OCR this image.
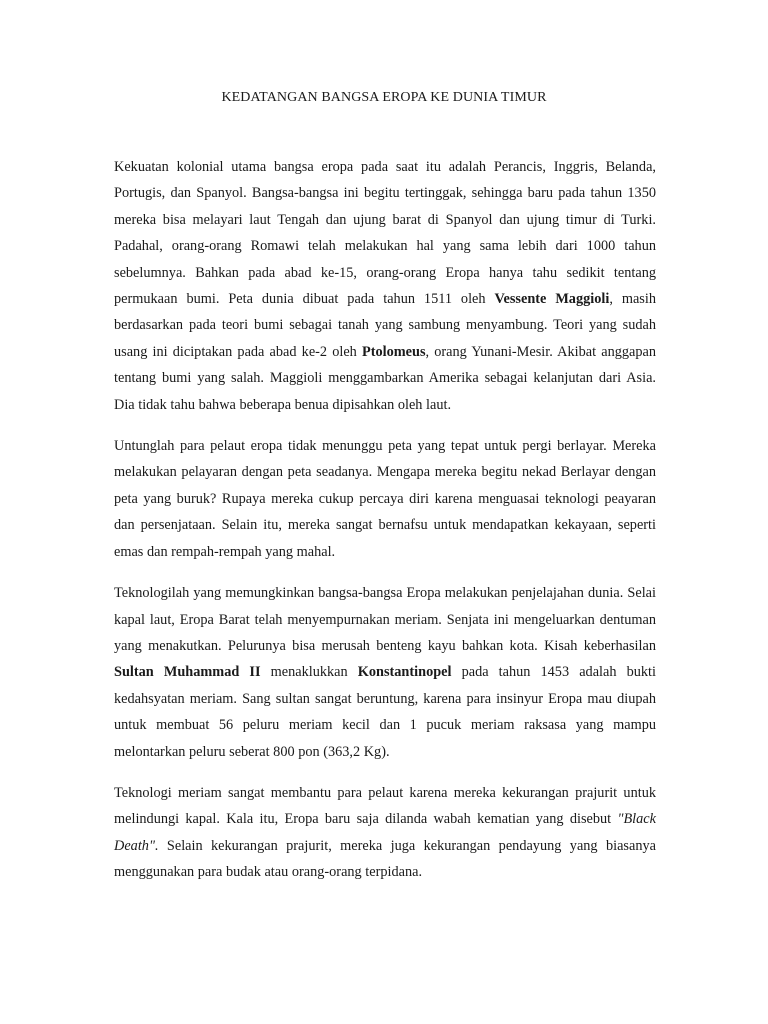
KEDATANGAN BANGSA EROPA KE DUNIA TIMUR

Kekuatan kolonial utama bangsa eropa pada saat itu adalah Perancis, Inggris, Belanda, Portugis, dan Spanyol. Bangsa-bangsa ini begitu tertinggak, sehingga baru pada tahun 1350 mereka bisa melayari laut Tengah dan ujung barat di Spanyol dan ujung timur di Turki. Padahal, orang-orang Romawi telah melakukan hal yang sama lebih dari 1000 tahun sebelumnya. Bahkan pada abad ke-15, orang-orang Eropa hanya tahu sedikit tentang permukaan bumi. Peta dunia dibuat pada tahun 1511 oleh Vessente Maggioli, masih berdasarkan pada teori bumi sebagai tanah yang sambung menyambung. Teori yang sudah usang ini diciptakan pada abad ke-2 oleh Ptolomeus, orang Yunani-Mesir. Akibat anggapan tentang bumi yang salah. Maggioli menggambarkan Amerika sebagai kelanjutan dari Asia. Dia tidak tahu bahwa beberapa benua dipisahkan oleh laut.

Untunglah para pelaut eropa tidak menunggu peta yang tepat untuk pergi berlayar. Mereka melakukan pelayaran dengan peta seadanya. Mengapa mereka begitu nekad Berlayar dengan peta yang buruk? Rupaya mereka cukup percaya diri karena menguasai teknologi peayaran dan persenjataan. Selain itu, mereka sangat bernafsu untuk mendapatkan kekayaan, seperti emas dan rempah-rempah yang mahal.

Teknologilah yang memungkinkan bangsa-bangsa Eropa melakukan penjelajahan dunia. Selai kapal laut, Eropa Barat telah menyempurnakan meriam. Senjata ini mengeluarkan dentuman yang menakutkan. Pelurunya bisa merusah benteng kayu bahkan kota. Kisah keberhasilan Sultan Muhammad II menaklukkan Konstantinopel pada tahun 1453 adalah bukti kedahsyatan meriam. Sang sultan sangat beruntung, karena para insinyur Eropa mau diupah untuk membuat 56 peluru meriam kecil dan 1 pucuk meriam raksasa yang mampu melontarkan peluru seberat 800 pon (363,2 Kg).

Teknologi meriam sangat membantu para pelaut karena mereka kekurangan prajurit untuk melindungi kapal. Kala itu, Eropa baru saja dilanda wabah kematian yang disebut "Black Death". Selain kekurangan prajurit, mereka juga kekurangan pendayung yang biasanya menggunakan para budak atau orang-orang terpidana.
